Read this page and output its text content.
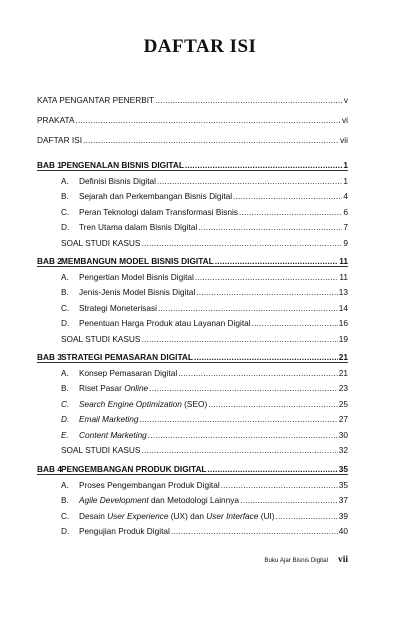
DAFTAR ISI
KATA PENGANTAR PENERBIT .....	v
PRAKATA .....	vi
DAFTAR ISI .....	vii
BAB 1 PENGENALAN BISNIS DIGITAL .....	1
A.	Definisi Bisnis Digital .....	1
B.	Sejarah dan Perkembangan Bisnis Digital .....	4
C.	Peran Teknologi dalam Transformasi Bisnis .....	6
D.	Tren Utama dalam Bisnis Digital .....	7
SOAL STUDI KASUS .....	9
BAB 2 MEMBANGUN MODEL BISNIS DIGITAL .....	11
A.	Pengertian Model Bisnis Digital .....	11
B.	Jenis-Jenis Model Bisnis Digital .....	13
C.	Strategi Moneterisasi .....	14
D.	Penentuan Harga Produk atau Layanan Digital .....	16
SOAL STUDI KASUS .....	19
BAB 3 STRATEGI PEMASARAN DIGITAL .....	21
A.	Konsep Pemasaran Digital .....	21
B.	Riset Pasar Online .....	23
C.	Search Engine Optimization (SEO) .....	25
D.	Email Marketing .....	27
E.	Content Marketing .....	30
SOAL STUDI KASUS .....	32
BAB 4 PENGEMBANGAN PRODUK DIGITAL .....	35
A.	Proses Pengembangan Produk Digital .....	35
B.	Agile Development dan Metodologi Lainnya .....	37
C.	Desain User Experience (UX) dan User Interface (UI) .....	39
D.	Pengujian Produk Digital .....	40
Buku Ajar Bisnis Digital vii
